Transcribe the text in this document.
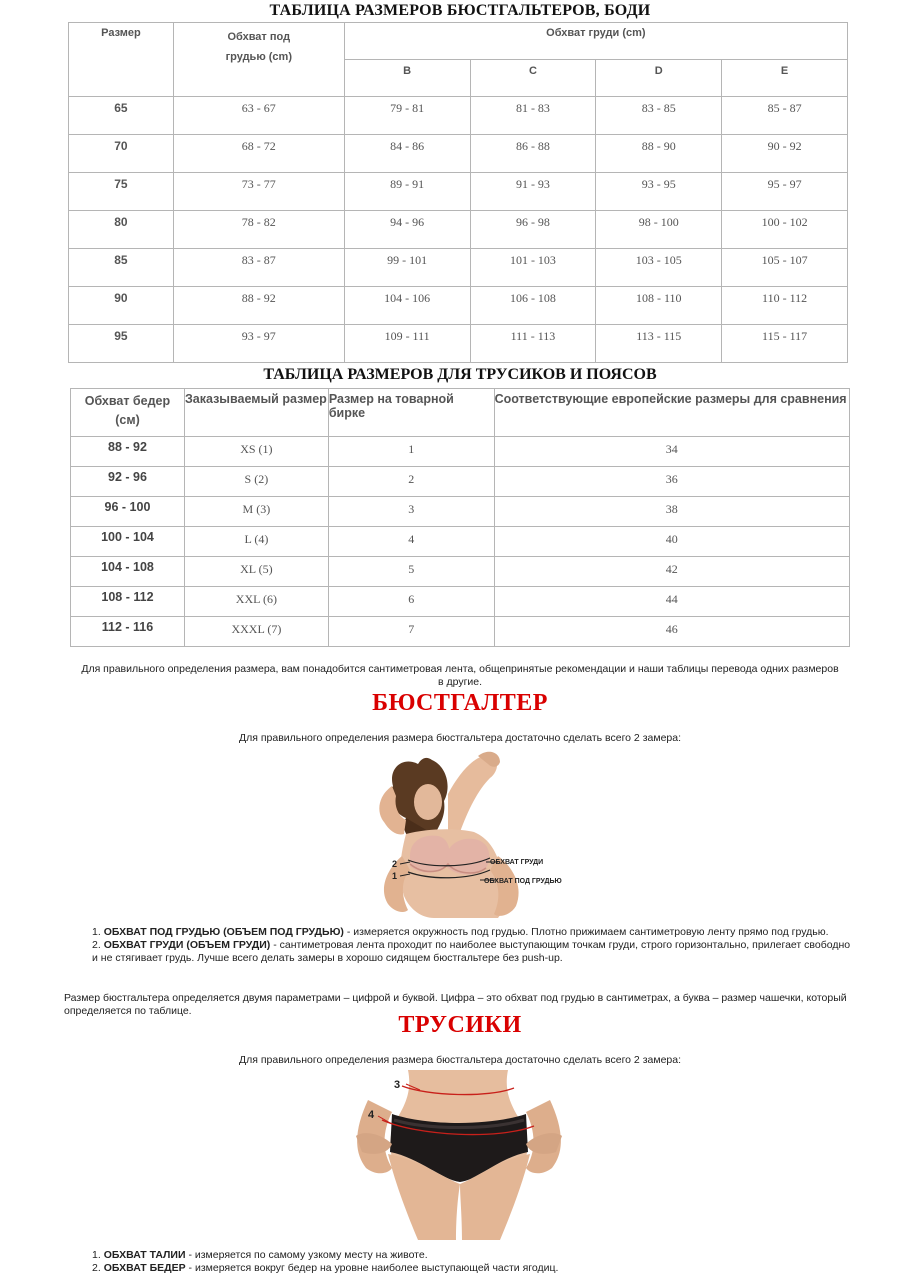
ТАБЛИЦА РАЗМЕРОВ БЮСТГАЛЬТЕРОВ, БОДИ
Размер	Обхват под грудью (cm)	Обхват груди (cm)			
		B	C	D	E
65	63 - 67	79 - 81	81 - 83	83 - 85	85 - 87
70	68 - 72	84 - 86	86 - 88	88 - 90	90 - 92
75	73 - 77	89 - 91	91 - 93	93 - 95	95 - 97
80	78 - 82	94 - 96	96 - 98	98 - 100	100 - 102
85	83 - 87	99 - 101	101 - 103	103 - 105	105 - 107
90	88 - 92	104 - 106	106 - 108	108 - 110	110 - 112
95	93 - 97	109 - 111	111 - 113	113 - 115	115 - 117
ТАБЛИЦА РАЗМЕРОВ ДЛЯ ТРУСИКОВ И ПОЯСОВ
Обхват бедер (см)	Заказываемый размер	Размер на товарной бирке	Соответствующие европейские размеры для сравнения
88 - 92	XS (1)	1	34
92 - 96	S (2)	2	36
96 - 100	M (3)	3	38
100 - 104	L (4)	4	40
104 - 108	XL (5)	5	42
108 - 112	XXL (6)	6	44
112 - 116	XXXL (7)	7	46
Для правильного определения размера, вам понадобится сантиметровая лента, общепринятые рекомендации и наши таблицы перевода одних размеров в другие.
БЮСТГАЛТЕР
Для правильного определения размера бюстгальтера достаточно сделать всего 2 замера:
2
1
ОБХВАТ ГРУДИ
ОБХВАТ ПОД ГРУДЬЮ
1. ОБХВАТ ПОД ГРУДЬЮ (ОБЪЕМ ПОД ГРУДЬЮ) - измеряется окружность под грудью. Плотно прижимаем сантиметровую ленту прямо под грудью.
2. ОБХВАТ ГРУДИ (ОБЪЕМ ГРУДИ) - сантиметровая лента проходит по наиболее выступающим точкам груди, строго горизонтально, прилегает свободно и не стягивает грудь. Лучше всего делать замеры в хорошо сидящем бюстгальтере без push-up.
Размер бюстгальтера определяется двумя параметрами – цифрой и буквой. Цифра – это обхват под грудью в сантиметрах, а буква – размер чашечки, который определяется по таблице.
ТРУСИКИ
Для правильного определения размера бюстгальтера достаточно сделать всего 2 замера:
3
4
1. ОБХВАТ ТАЛИИ - измеряется по самому узкому месту на животе.
2. ОБХВАТ БЕДЕР - измеряется вокруг бедер на уровне наиболее выступающей части ягодиц.
